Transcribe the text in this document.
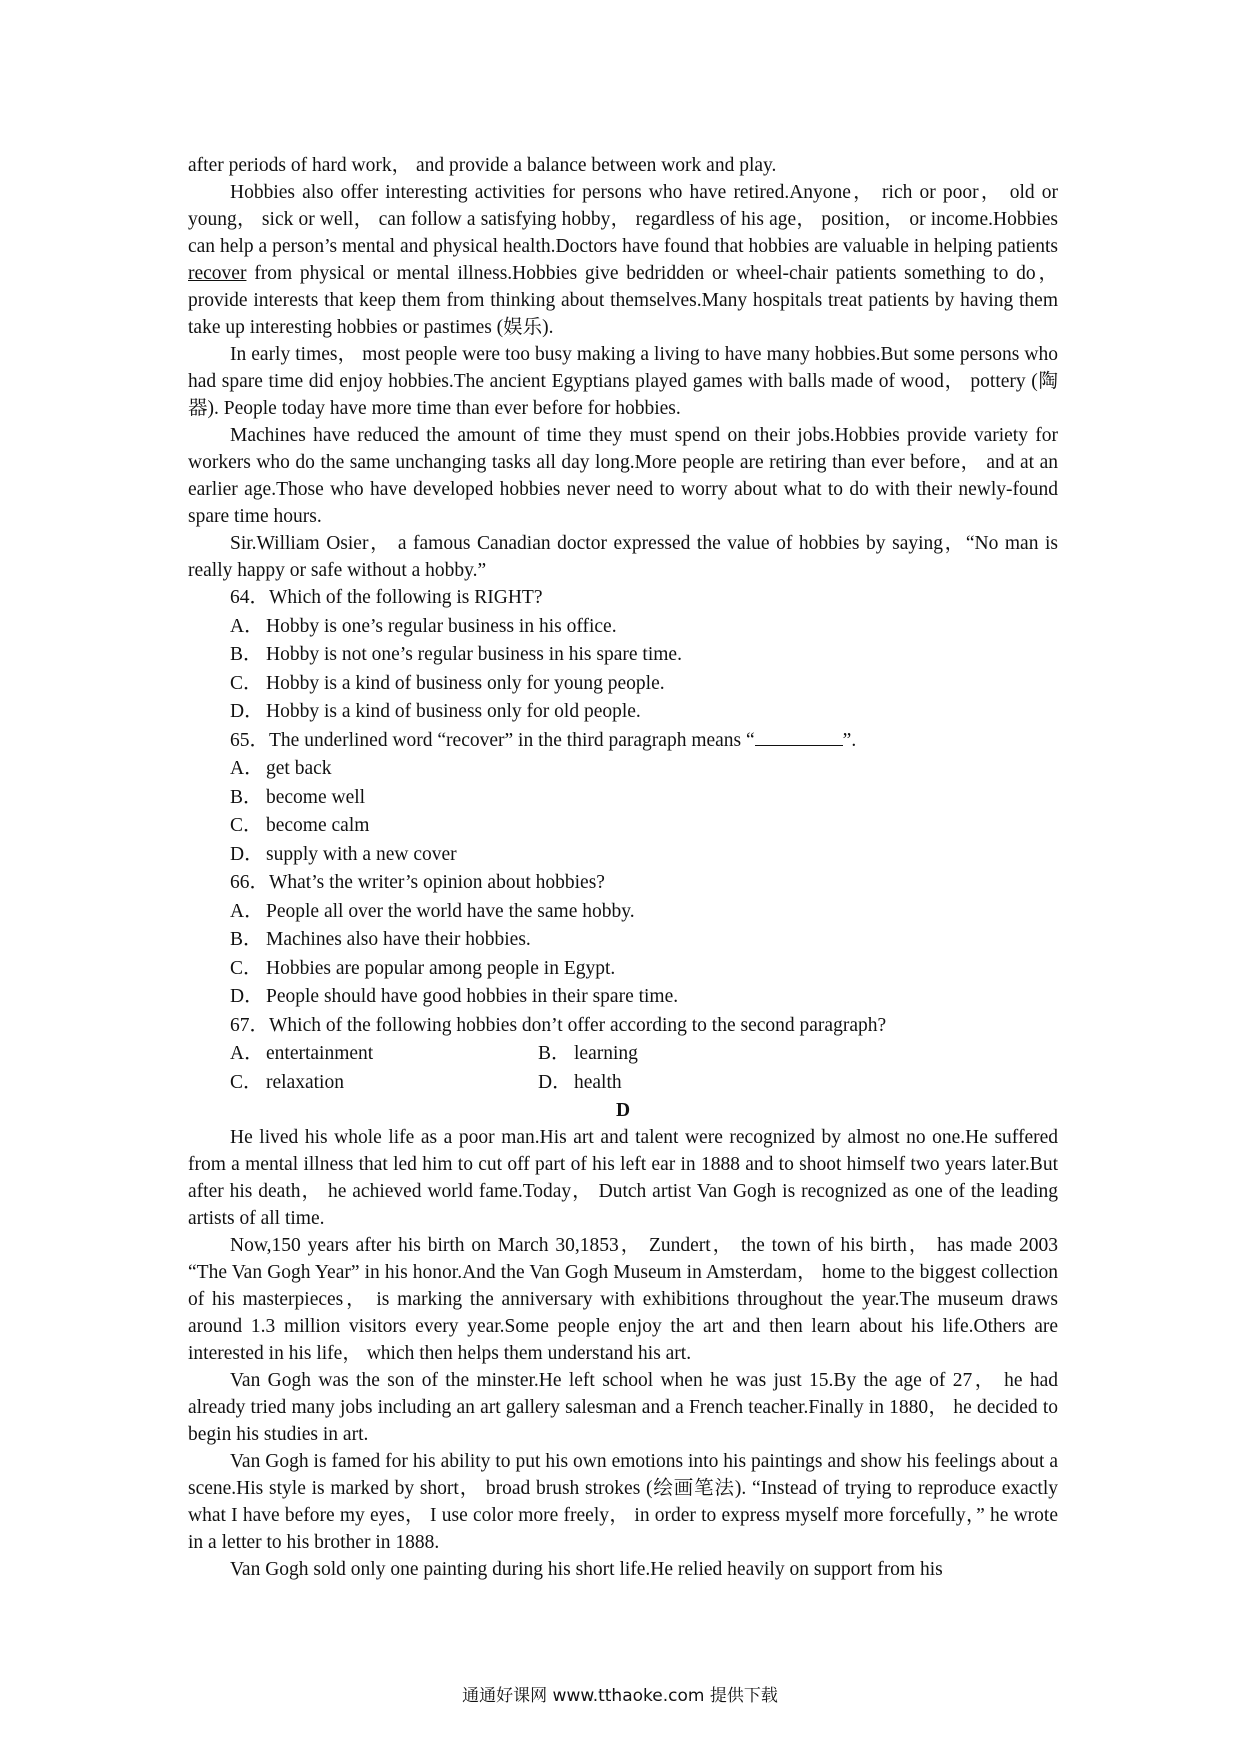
after periods of hard work， and provide a balance between work and play.

Hobbies also offer interesting activities for persons who have retired.Anyone， rich or poor， old or young， sick or well， can follow a satisfying hobby， regardless of his age， position， or income.Hobbies can help a person’s mental and physical health.Doctors have found that hobbies are valuable in helping patients recover from physical or mental illness.Hobbies give bedridden or wheel-chair patients something to do， provide interests that keep them from thinking about themselves.Many hospitals treat patients by having them take up interesting hobbies or pastimes (娱乐).

In early times， most people were too busy making a living to have many hobbies.But some persons who had spare time did enjoy hobbies.The ancient Egyptians played games with balls made of wood， pottery (陶器). People today have more time than ever before for hobbies.

Machines have reduced the amount of time they must spend on their jobs.Hobbies provide variety for workers who do the same unchanging tasks all day long.More people are retiring than ever before， and at an earlier age.Those who have developed hobbies never need to worry about what to do with their newly-found spare time hours.

Sir.William Osier， a famous Canadian doctor expressed the value of hobbies by saying，“No man is really happy or safe without a hobby.”

64．Which of the following is RIGHT?
A． Hobby is one’s regular business in his office.
B． Hobby is not one’s regular business in his spare time.
C． Hobby is a kind of business only for young people.
D． Hobby is a kind of business only for old people.
65．The underlined word “recover” in the third paragraph means “	”.
A． get back
B． become well
C． become calm
D． supply with a new cover
66．What’s the writer’s opinion about hobbies?
A． People all over the world have the same hobby.
B． Machines also have their hobbies.
C． Hobbies are popular among people in Egypt.
D． People should have good hobbies in their spare time.
67．Which of the following hobbies don’t offer according to the second paragraph?
A． entertainment	B． learning
C． relaxation	D． health

D

He lived his whole life as a poor man.His art and talent were recognized by almost no one.He suffered from a mental illness that led him to cut off part of his left ear in 1888 and to shoot himself two years later.But after his death， he achieved world fame.Today， Dutch artist Van Gogh is recognized as one of the leading artists of all time.

Now,150 years after his birth on March 30,1853， Zundert， the town of his birth， has made 2003 “The Van Gogh Year” in his honor.And the Van Gogh Museum in Amsterdam， home to the biggest collection of his masterpieces， is marking the anniversary with exhibitions throughout the year.The museum draws around 1.3 million visitors every year.Some people enjoy the art and then learn about his life.Others are interested in his life， which then helps them understand his art.

Van Gogh was the son of the minster.He left school when he was just 15.By the age of 27， he had already tried many jobs including an art gallery salesman and a French teacher.Finally in 1880， he decided to begin his studies in art.

Van Gogh is famed for his ability to put his own emotions into his paintings and show his feelings about a scene.His style is marked by short， broad brush strokes (绘画笔法). “Instead of trying to reproduce exactly what I have before my eyes， I use color more freely， in order to express myself more forcefully，” he wrote in a letter to his brother in 1888.

Van Gogh sold only one painting during his short life.He relied heavily on support from his

通通好课网 www.tthaoke.com 提供下载
